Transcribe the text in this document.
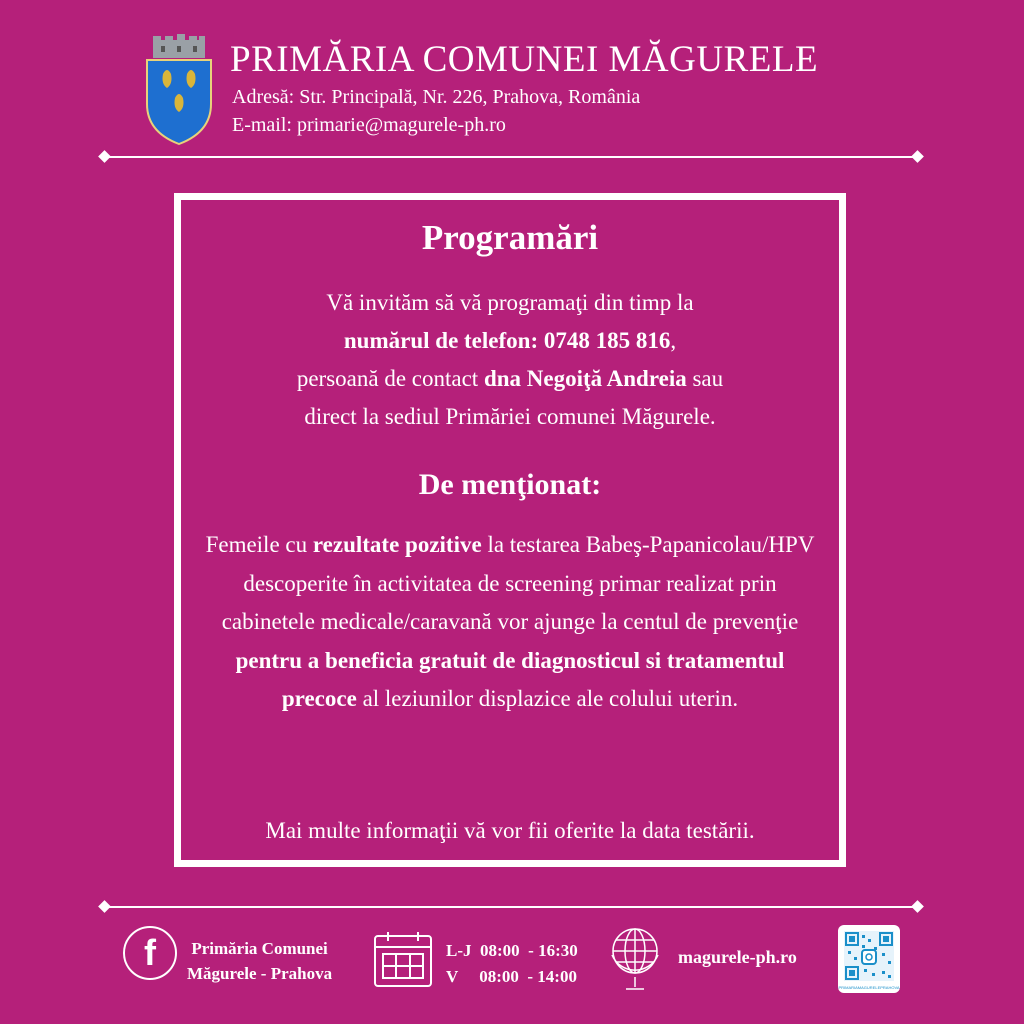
PRIMĂRIA COMUNEI MĂGURELE
Adresă: Str. Principală, Nr. 226, Prahova, România
E-mail: primarie@magurele-ph.ro
Programări
Vă invităm să vă programaţi din timp la
numărul de telefon: 0748 185 816,
persoană de contact dna Negoiţă Andreia sau
direct la sediul Primăriei comunei Măgurele.
De menţionat:
Femeile cu rezultate pozitive la testarea Babeş-Papanicolau/HPV descoperite în activitatea de screening primar realizat prin cabinetele medicale/caravană vor ajunge la centul de prevenţie pentru a beneficia gratuit de diagnosticul si tratamentul precoce al leziunilor displazice ale colului uterin.
Mai multe informaţii vă vor fii oferite la data testării.
f	Primăria Comunei
Măgurele - Prahova
L-J  08:00  - 16:30
V     08:00  - 14:00
magurele-ph.ro
PRIMARIAMAGURELEPRAHOVA
